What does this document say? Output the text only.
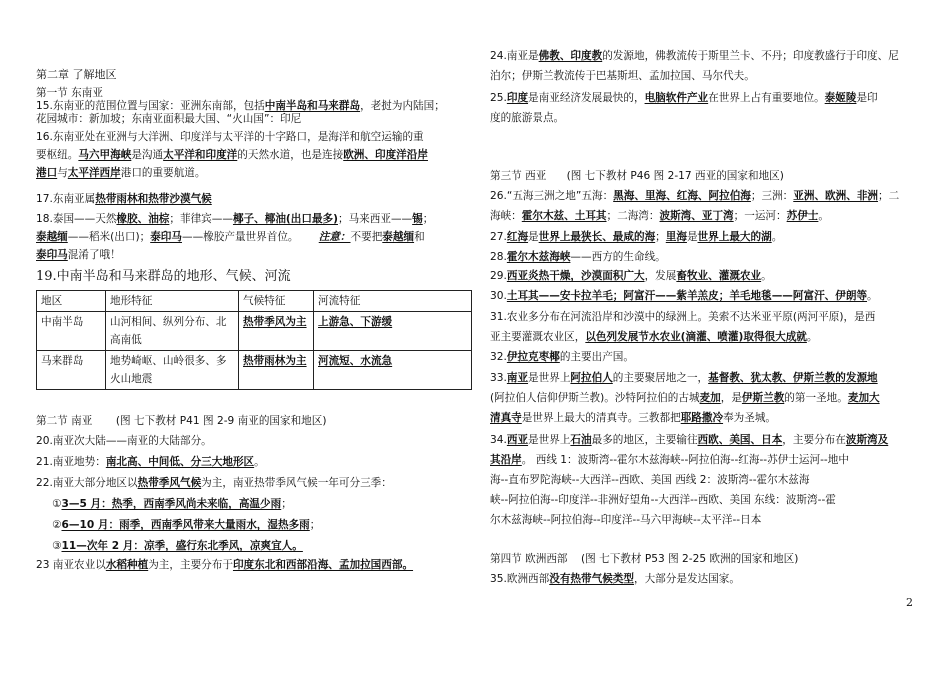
第二章 了解地区
第一节 东南亚
15.东南亚的范围位置与国家：亚洲东南部，包括中南半岛和马来群岛，老挝为内陆国；
花园城市：新加坡；东南亚面积最大国、“火山国”：印尼
16.东南亚处在亚洲与大洋洲、印度洋与太平洋的十字路口，是海洋和航空运输的重
要枢纽。马六甲海峡是沟通太平洋和印度洋的天然水道，也是连接欧洲、印度洋沿岸
港口与太平洋西岸港口的重要航道。
17.东南亚属热带雨林和热带沙漠气候
18.泰国——天然橡胶、油棕；菲律宾——椰子、椰油(出口最多)；马来西亚——锡；
泰越缅——稻米(出口)；泰印马——橡胶产量世界首位。 注意：不要把泰越缅和
泰印马混淆了哦！
19.中南半岛和马来群岛的地形、气候、河流
地区	地形特征	气候特征	河流特征
中南半岛	山河相间、纵列分布、北高南低	热带季风为主	上游急、下游缓
马来群岛	地势崎岖、山岭很多、多火山地震	热带雨林为主	河流短、水流急
第二节 南亚 (图 七下教材 P41 图 2-9 南亚的国家和地区)
20.南亚次大陆——南亚的大陆部分。
21.南亚地势：南北高、中间低、分三大地形区。
22.南亚大部分地区以热带季风气候为主，南亚热带季风气候一年可分三季：
①3—5 月：热季，西南季风尚未来临，高温少雨；
②6—10 月：雨季，西南季风带来大量雨水，湿热多雨；
③11—次年 2 月：凉季，盛行东北季风，凉爽宜人。
23 南亚农业以水稻种植为主，主要分布于印度东北和西部沿海、孟加拉国西部。
24.南亚是佛教、印度教的发源地，佛教流传于斯里兰卡、不丹；印度教盛行于印度、尼
泊尔；伊斯兰教流传于巴基斯坦、孟加拉国、马尔代夫。
25.印度是南亚经济发展最快的，电脑软件产业在世界上占有重要地位。泰姬陵是印
度的旅游景点。
第三节 西亚 (图 七下教材 P46 图 2-17 西亚的国家和地区)
26.“五海三洲之地”五海：黑海、里海、红海、阿拉伯海；三洲：亚洲、欧洲、非洲；二
海峡：霍尔木兹、土耳其；二海湾：波斯湾、亚丁湾；一运河：苏伊士。
27.红海是世界上最狭长、最咸的海；里海是世界上最大的湖。
28.霍尔木兹海峡——西方的生命线。
29.西亚炎热干燥，沙漠面积广大，发展畜牧业、灌溉农业。
30.土耳其——安卡拉羊毛；阿富汗——紫羊羔皮；羊毛地毯——阿富汗、伊朗等。
31.农业多分布在河流沿岸和沙漠中的绿洲上。美索不达米亚平原(两河平原)，是西
亚主要灌溉农业区，以色列发展节水农业(滴灌、喷灌)取得很大成就。
32.伊拉克枣椰的主要出产国。
33.南亚是世界上阿拉伯人的主要聚居地之一，基督教、犹太教、伊斯兰教的发源地
(阿拉伯人信仰伊斯兰教)。沙特阿拉伯的古城麦加，是伊斯兰教的第一圣地。麦加大
清真寺是世界上最大的清真寺。三教都把耶路撒冷奉为圣城。
34.西亚是世界上石油最多的地区，主要输往西欧、美国、日本，主要分布在波斯湾及
其沿岸。 西线 1：波斯湾--霍尔木兹海峡--阿拉伯海--红海--苏伊士运河--地中
海--直布罗陀海峡--大西洋--西欧、美国 西线 2：波斯湾--霍尔木兹海
峡--阿拉伯海--印度洋--非洲好望角--大西洋--西欧、美国 东线：波斯湾--霍
尔木兹海峡--阿拉伯海--印度洋--马六甲海峡--太平洋--日本
第四节 欧洲西部 (图 七下教材 P53 图 2-25 欧洲的国家和地区)
35.欧洲西部没有热带气候类型，大部分是发达国家。
2
